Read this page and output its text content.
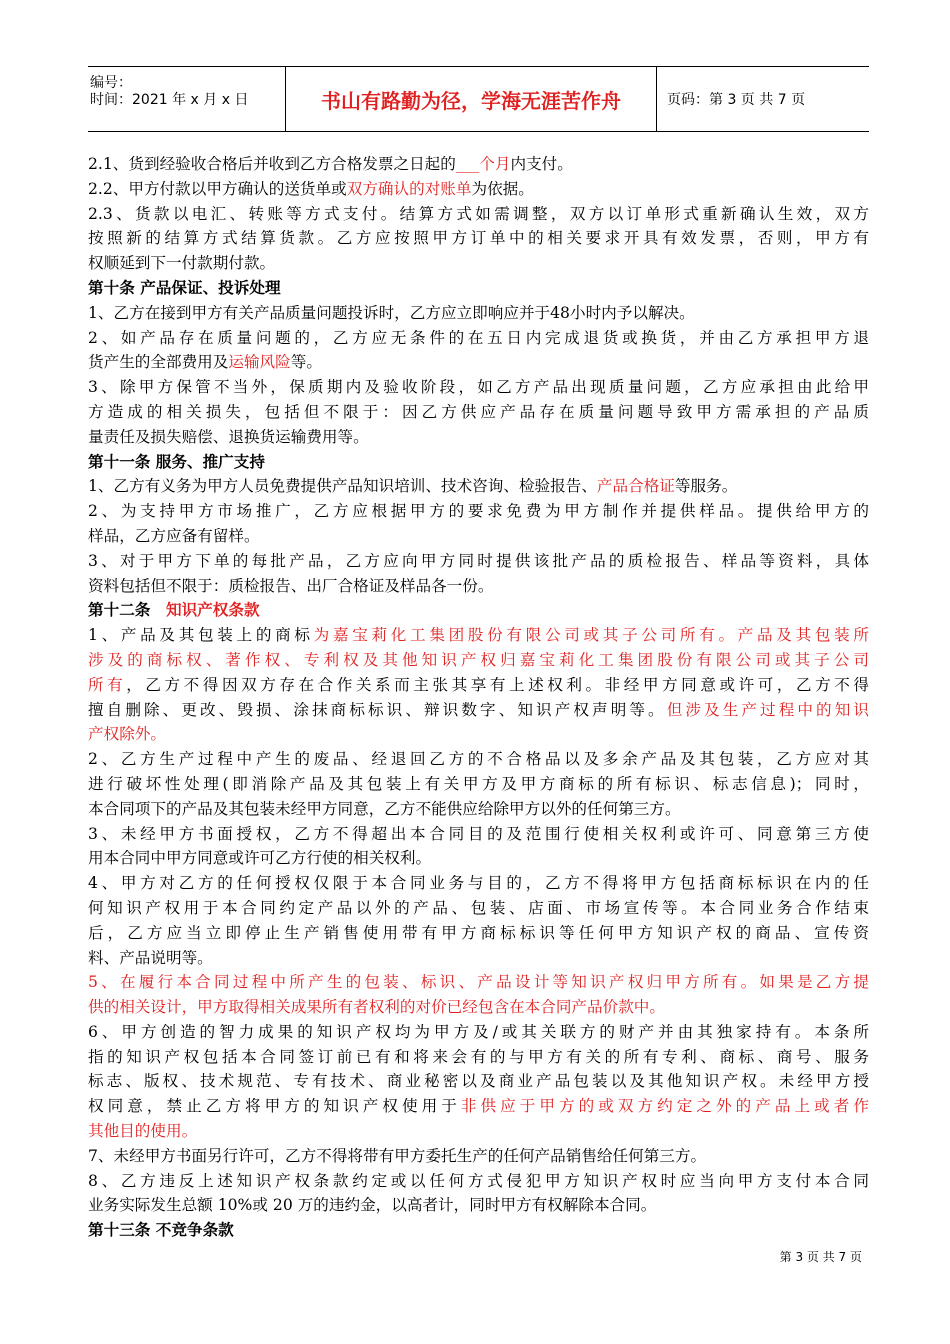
编号：
时间：2021 年 x 月 x 日	书山有路勤为径，学海无涯苦作舟	页码：第 3 页 共 7 页
2.1、货到经验收合格后并收到乙方合格发票之日起的___个月内支付。
2.2、甲方付款以甲方确认的送货单或双方确认的对账单为依据。
2.3、货款以电汇、转账等方式支付。结算方式如需调整，双方以订单形式重新确认生效，双方
按照新的结算方式结算货款。乙方应按照甲方订单中的相关要求开具有效发票，否则，甲方有
权顺延到下一付款期付款。
第十条 产品保证、投诉处理
1、乙方在接到甲方有关产品质量问题投诉时，乙方应立即响应并于48小时内予以解决。
2、如产品存在质量问题的，乙方应无条件的在五日内完成退货或换货，并由乙方承担甲方退
货产生的全部费用及运输风险等。
3、除甲方保管不当外，保质期内及验收阶段，如乙方产品出现质量问题，乙方应承担由此给甲
方造成的相关损失，包括但不限于：因乙方供应产品存在质量问题导致甲方需承担的产品质
量责任及损失赔偿、退换货运输费用等。
第十一条 服务、推广支持
1、乙方有义务为甲方人员免费提供产品知识培训、技术咨询、检验报告、产品合格证等服务。
2、为支持甲方市场推广，乙方应根据甲方的要求免费为甲方制作并提供样品。提供给甲方的
样品，乙方应备有留样。
3、对于甲方下单的每批产品，乙方应向甲方同时提供该批产品的质检报告、样品等资料，具体
资料包括但不限于：质检报告、出厂合格证及样品各一份。
第十二条　知识产权条款
1、产品及其包装上的商标为嘉宝莉化工集团股份有限公司或其子公司所有。产品及其包装所
涉及的商标权、著作权、专利权及其他知识产权归嘉宝莉化工集团股份有限公司或其子公司
所有，乙方不得因双方存在合作关系而主张其享有上述权利。非经甲方同意或许可，乙方不得
擅自删除、更改、毁损、涂抹商标标识、辩识数字、知识产权声明等。但涉及生产过程中的知识
产权除外。
2、乙方生产过程中产生的废品、经退回乙方的不合格品以及多余产品及其包装，乙方应对其
进行破坏性处理(即消除产品及其包装上有关甲方及甲方商标的所有标识、标志信息)；同时，
本合同项下的产品及其包装未经甲方同意，乙方不能供应给除甲方以外的任何第三方。
3、未经甲方书面授权，乙方不得超出本合同目的及范围行使相关权利或许可、同意第三方使
用本合同中甲方同意或许可乙方行使的相关权利。
4、甲方对乙方的任何授权仅限于本合同业务与目的，乙方不得将甲方包括商标标识在内的任
何知识产权用于本合同约定产品以外的产品、包装、店面、市场宣传等。本合同业务合作结束
后，乙方应当立即停止生产销售使用带有甲方商标标识等任何甲方知识产权的商品、宣传资
料、产品说明等。
5、在履行本合同过程中所产生的包装、标识、产品设计等知识产权归甲方所有。如果是乙方提
供的相关设计，甲方取得相关成果所有者权利的对价已经包含在本合同产品价款中。
6、甲方创造的智力成果的知识产权均为甲方及/或其关联方的财产并由其独家持有。本条所
指的知识产权包括本合同签订前已有和将来会有的与甲方有关的所有专利、商标、商号、服务
标志、版权、技术规范、专有技术、商业秘密以及商业产品包装以及其他知识产权。未经甲方授
权同意，禁止乙方将甲方的知识产权使用于非供应于甲方的或双方约定之外的产品上或者作
其他目的使用。
7、未经甲方书面另行许可，乙方不得将带有甲方委托生产的任何产品销售给任何第三方。
8、乙方违反上述知识产权条款约定或以任何方式侵犯甲方知识产权时应当向甲方支付本合同
业务实际发生总额 10%或 20 万的违约金，以高者计，同时甲方有权解除本合同。
第十三条 不竞争条款
第 3 页 共 7 页
